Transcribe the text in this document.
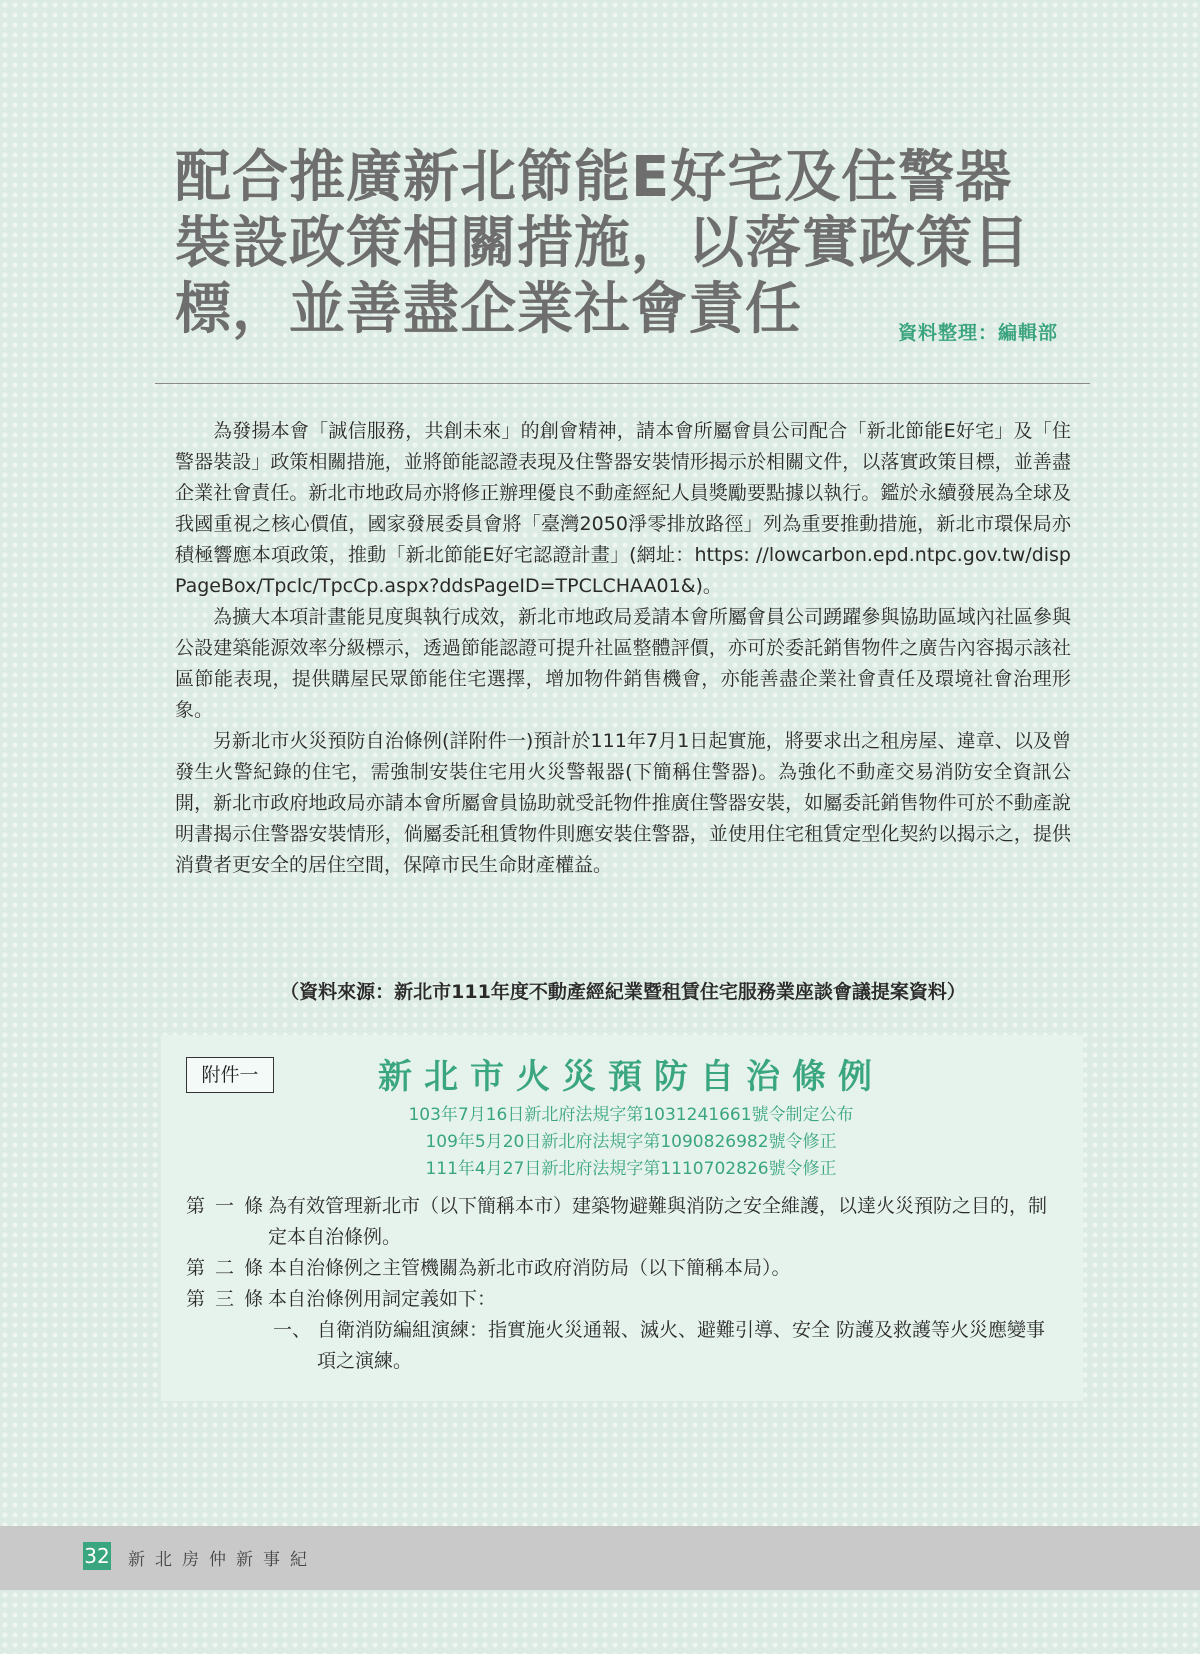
配合推廣新北節能E好宅及住警器
裝設政策相關措施，以落實政策目
標，並善盡企業社會責任	資料整理：編輯部

為發揚本會「誠信服務，共創未來」的創會精神，請本會所屬會員公司配合「新北節能E好宅」及「住警器裝設」政策相關措施，並將節能認證表現及住警器安裝情形揭示於相關文件，以落實政策目標，並善盡企業社會責任。新北市地政局亦將修正辦理優良不動產經紀人員獎勵要點據以執行。鑑於永續發展為全球及我國重視之核心價值，國家發展委員會將「臺灣2050淨零排放路徑」列為重要推動措施，新北市環保局亦積極響應本項政策，推動「新北節能E好宅認證計畫」(網址：https: //lowcarbon.epd.ntpc.gov.tw/dispPageBox/Tpclc/TpcCp.aspx?ddsPageID=TPCLCHAA01&)。

為擴大本項計畫能見度與執行成效，新北市地政局爰請本會所屬會員公司踴躍參與協助區域內社區參與公設建築能源效率分級標示，透過節能認證可提升社區整體評價，亦可於委託銷售物件之廣告內容揭示該社區節能表現，提供購屋民眾節能住宅選擇，增加物件銷售機會，亦能善盡企業社會責任及環境社會治理形象。

另新北市火災預防自治條例(詳附件一)預計於111年7月1日起實施，將要求出之租房屋、違章、以及曾發生火警紀錄的住宅，需強制安裝住宅用火災警報器(下簡稱住警器)。為強化不動產交易消防安全資訊公開，新北市政府地政局亦請本會所屬會員協助就受託物件推廣住警器安裝，如屬委託銷售物件可於不動產說明書揭示住警器安裝情形，倘屬委託租賃物件則應安裝住警器，並使用住宅租賃定型化契約以揭示之，提供消費者更安全的居住空間，保障市民生命財產權益。

（資料來源：新北市111年度不動產經紀業暨租賃住宅服務業座談會議提案資料）
附件一	新北市火災預防自治條例
103年7月16日新北府法規字第1031241661號令制定公布
109年5月20日新北府法規字第1090826982號令修正
111年4月27日新北府法規字第1110702826號令修正
第 一 條 為有效管理新北市（以下簡稱本市）建築物避難與消防之安全維護，以達火災預防之目的，制定本自治條例。
第 二 條 本自治條例之主管機關為新北市政府消防局（以下簡稱本局）。
第 三 條 本自治條例用詞定義如下：
一、 自衛消防編組演練：指實施火災通報、滅火、避難引導、安全 防護及救護等火災應變事項之演練。
32 新北房仲新事紀
